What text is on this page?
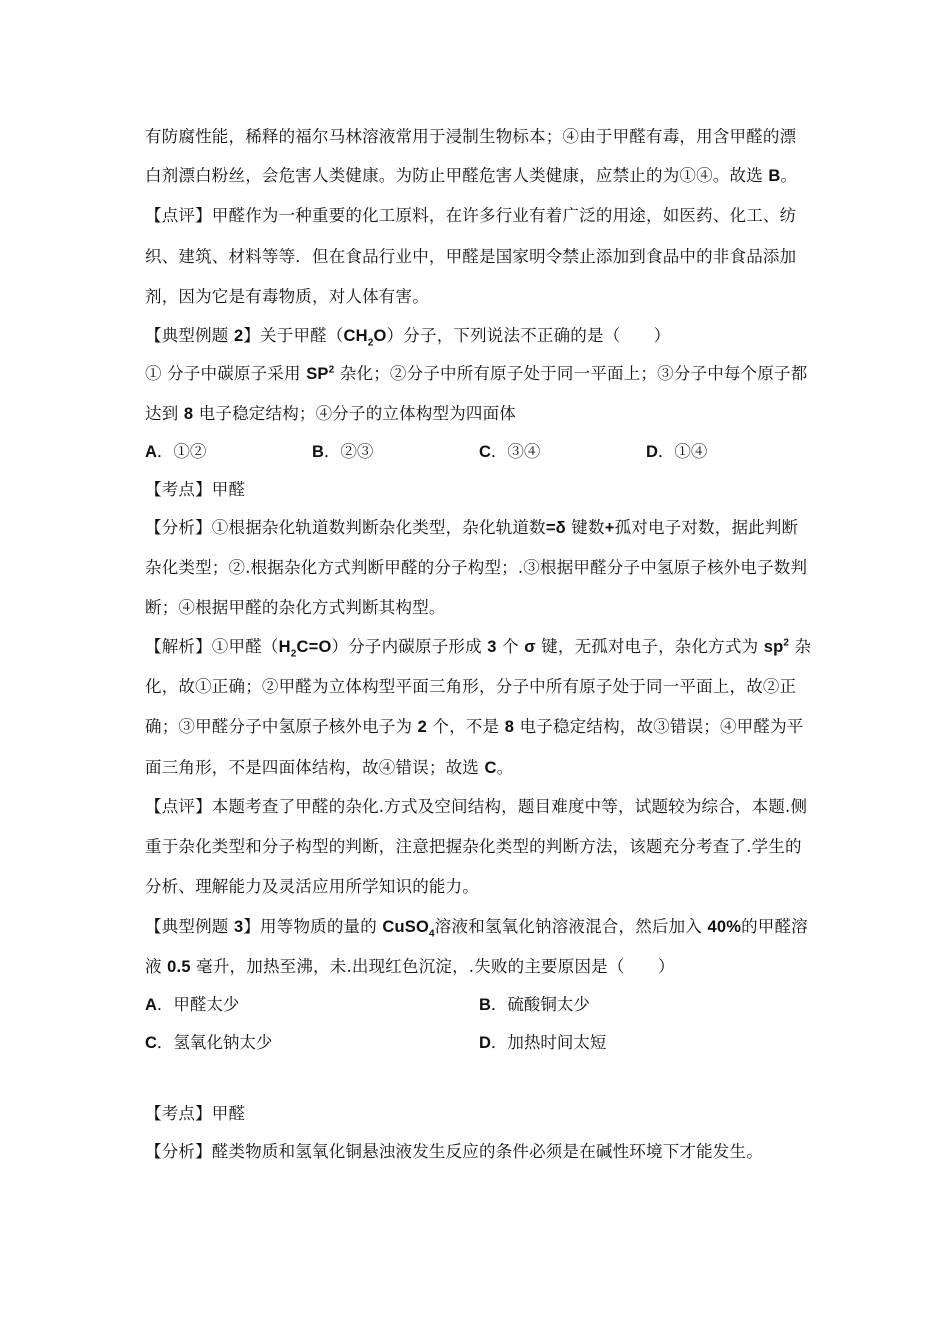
有防腐性能，稀释的福尔马林溶液常用于浸制生物标本；④由于甲醛有毒，用含甲醛的漂
白剂漂白粉丝，会危害人类健康。为防止甲醛危害人类健康，应禁止的为①④。故选 B。
【点评】甲醛作为一种重要的化工原料，在许多行业有着广泛的用途，如医药、化工、纺
织、建筑、材料等等．但在食品行业中，甲醛是国家明令禁止添加到食品中的非食品添加
剂，因为它是有毒物质，对人体有害。
【典型例题 2】关于甲醛$(CH_2O)$分子，下列说法不正确的是（　　）
① 分子中碳原子采用 $SP^2$ 杂化；②分子中所有原子处于同一平面上；③分子中每个原子都
达到 8 电子稳定结构；④分子的立体构型为四面体
A．①②	B．②③	C．③④	D．①④
【考点】甲醛
【分析】①根据杂化轨道数判断杂化类型，杂化轨道数=δ 键数+孤对电子对数，据此判断
杂化类型；②.根据杂化方式判断甲醛的分子构型；.③根据甲醛分子中氢原子核外电子数判
断；④根据甲醛的杂化方式判断其构型。
【解析】①甲醛$(H_2C=O)$分子内碳原子形成 3 个 σ 键，无孤对电子，杂化方式为 $sp^2$ 杂
化，故①正确；②甲醛为立体构型平面三角形，分子中所有原子处于同一平面上，故②正
确；③甲醛分子中氢原子核外电子为 2 个，不是 8 电子稳定结构，故③错误；④甲醛为平
面三角形，不是四面体结构，故④错误；故选 C。
【点评】本题考查了甲醛的杂化.方式及空间结构，题目难度中等，试题较为综合，本题.侧
重于杂化类型和分子构型的判断，注意把握杂化类型的判断方法，该题充分考查了.学生的
分析、理解能力及灵活应用所学知识的能力。
【典型例题 3】用等物质的量的 CuSO$_4$溶液和氢氧化钠溶液混合，然后加入 40%的甲醛溶
液 0.5 毫升，加热至沸，未.出现红色沉淀，.失败的主要原因是（　　）
A．甲醛太少	B．硫酸铜太少
C．氢氧化钠太少	D．加热时间太短
【考点】甲醛
【分析】醛类物质和氢氧化铜悬浊液发生反应的条件必须是在碱性环境下才能发生。
